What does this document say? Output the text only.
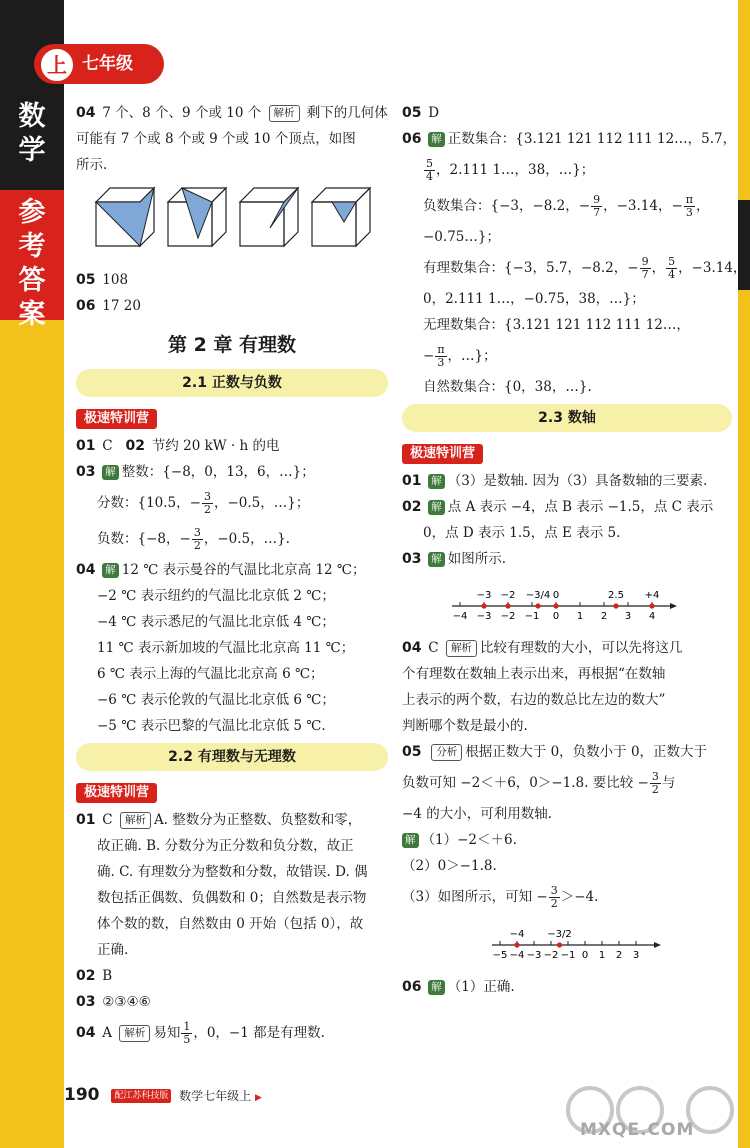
数
学
参
考
答
案
七年级
上
04 7 个、8 个、9 个或 10 个 解析 剩下的几何体
可能有 7 个或 8 个或 9 个或 10 个顶点，如图
所示.
05 108
06 17 20
第 2 章 有理数
2.1 正数与负数
极速特训营
01 C 02 节约 20 kW · h 的电
03 解 整数：{−8，0，13，6，…}；
分数：{10.5，− $\frac{3}{2}$ ，−0.5，…}；
负数：{−8，− $\frac{3}{2}$ ，−0.5，…}.
04 解 12 ℃ 表示曼谷的气温比北京高 12 ℃；
−2 ℃ 表示纽约的气温比北京低 2 ℃；
−4 ℃ 表示悉尼的气温比北京低 4 ℃；
11 ℃ 表示新加坡的气温比北京高 11 ℃；
6 ℃ 表示上海的气温比北京高 6 ℃；
−6 ℃ 表示伦敦的气温比北京低 6 ℃；
−5 ℃ 表示巴黎的气温比北京低 5 ℃.
2.2 有理数与无理数
极速特训营
01 C 解析 A. 整数分为正整数、负整数和零，
故正确. B. 分数分为正分数和负分数，故正
确. C. 有理数分为整数和分数，故错误. D. 偶
数包括正偶数、负偶数和 0；自然数是表示物
体个数的数，自然数由 0 开始（包括 0），故
正确.
02 B
03 ②③④⑥
04 A 解析 易知 $\frac{1}{5}$ ，0，−1 都是有理数.
05 D
06 解 正数集合：{3.121 121 112 111 12…，5.7，
$\frac{5}{4}$ ，2.111 1…，38，…}；
负数集合：{−3，−8.2，− $\frac{9}{7}$ ，−3.14，− $\frac{\pi}{3}$ ，
−0.75…}；
有理数集合：{−3，5.7，−8.2，− $\frac{9}{7}$ ， $\frac{5}{4}$ ，−3.14，
0，2.111 1…，−0.75，38，…}；
无理数集合：{3.121 121 112 111 12…，
− $\frac{\pi}{3}$ ，…}；
自然数集合：{0，38，…}.
2.3 数轴
极速特训营
01 解 （3）是数轴. 因为（3）具备数轴的三要素.
02 解 点 A 表示 −4，点 B 表示 −1.5，点 C 表示
0，点 D 表示 1.5，点 E 表示 5.
03 解 如图所示.
−4 −3 −2 −1 0 1 2 3 4
−3 −2 −3/4 0	2.5 +4
04 C 解析 比较有理数的大小，可以先将这几
个有理数在数轴上表示出来，再根据“在数轴
上表示的两个数，右边的数总比左边的数大”
判断哪个数是最小的.
05 分析 根据正数大于 0，负数小于 0，正数大于
负数可知 −2＜＋6，0＞−1.8. 要比较 − $\frac{3}{2}$ 与
−4 的大小，可利用数轴.
解 （1）−2＜＋6.
（2）0＞−1.8.
（3）如图所示，可知 − $\frac{3}{2} >-4$.
−5 −4 −3 −2 −1 0 1 2 3
−4 −3/2
06 解 （1）正确.
190 配江苏科技版 数学七年级上 ▶
MXQE.COM
